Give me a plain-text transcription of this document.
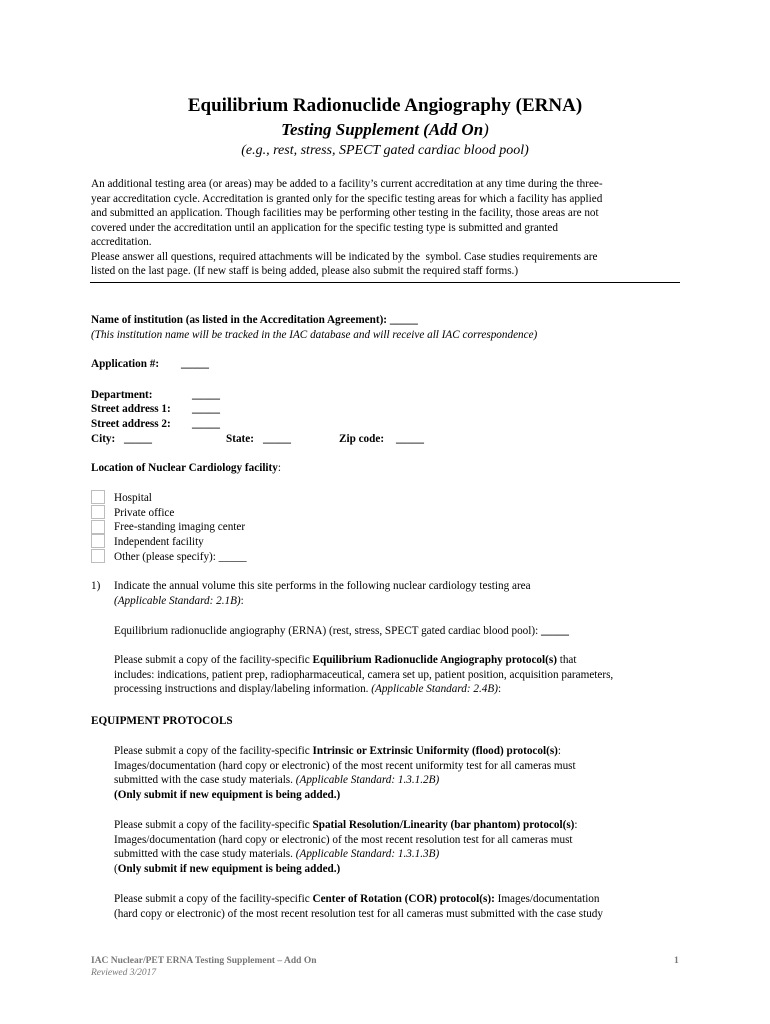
Equilibrium Radionuclide Angiography (ERNA)
Testing Supplement (Add On)
(e.g., rest, stress, SPECT gated cardiac blood pool)
An additional testing area (or areas) may be added to a facility’s current accreditation at any time during the three-
year accreditation cycle. Accreditation is granted only for the specific testing areas for which a facility has applied
and submitted an application. Though facilities may be performing other testing in the facility, those areas are not
covered under the accreditation until an application for the specific testing type is submitted and granted
accreditation.
Please answer all questions, required attachments will be indicated by the symbol. Case studies requirements are
listed on the last page. (If new staff is being added, please also submit the required staff forms.)
Name of institution (as listed in the Accreditation Agreement): _____
(This institution name will be tracked in the IAC database and will receive all IAC correspondence)
Application #: _____
Department:	_____
Street address 1: _____
Street address 2: _____
City: _____	State: _____	Zip code: _____
Location of Nuclear Cardiology facility:
Hospital
Private office
Free-standing imaging center
Independent facility
Other (please specify): _____
1) Indicate the annual volume this site performs in the following nuclear cardiology testing area
(Applicable Standard: 2.1B):
Equilibrium radionuclide angiography (ERNA) (rest, stress, SPECT gated cardiac blood pool): _____
Please submit a copy of the facility-specific Equilibrium Radionuclide Angiography protocol(s) that
includes: indications, patient prep, radiopharmaceutical, camera set up, patient position, acquisition parameters,
processing instructions and display/labeling information. (Applicable Standard: 2.4B):
EQUIPMENT PROTOCOLS
Please submit a copy of the facility-specific Intrinsic or Extrinsic Uniformity (flood) protocol(s):
Images/documentation (hard copy or electronic) of the most recent uniformity test for all cameras must
submitted with the case study materials. (Applicable Standard: 1.3.1.2B)
(Only submit if new equipment is being added.)
Please submit a copy of the facility-specific Spatial Resolution/Linearity (bar phantom) protocol(s):
Images/documentation (hard copy or electronic) of the most recent resolution test for all cameras must
submitted with the case study materials. (Applicable Standard: 1.3.1.3B)
(Only submit if new equipment is being added.)
Please submit a copy of the facility-specific Center of Rotation (COR) protocol(s): Images/documentation
(hard copy or electronic) of the most recent resolution test for all cameras must submitted with the case study
IAC Nuclear/PET ERNA Testing Supplement – Add On
Reviewed 3/2017
1
